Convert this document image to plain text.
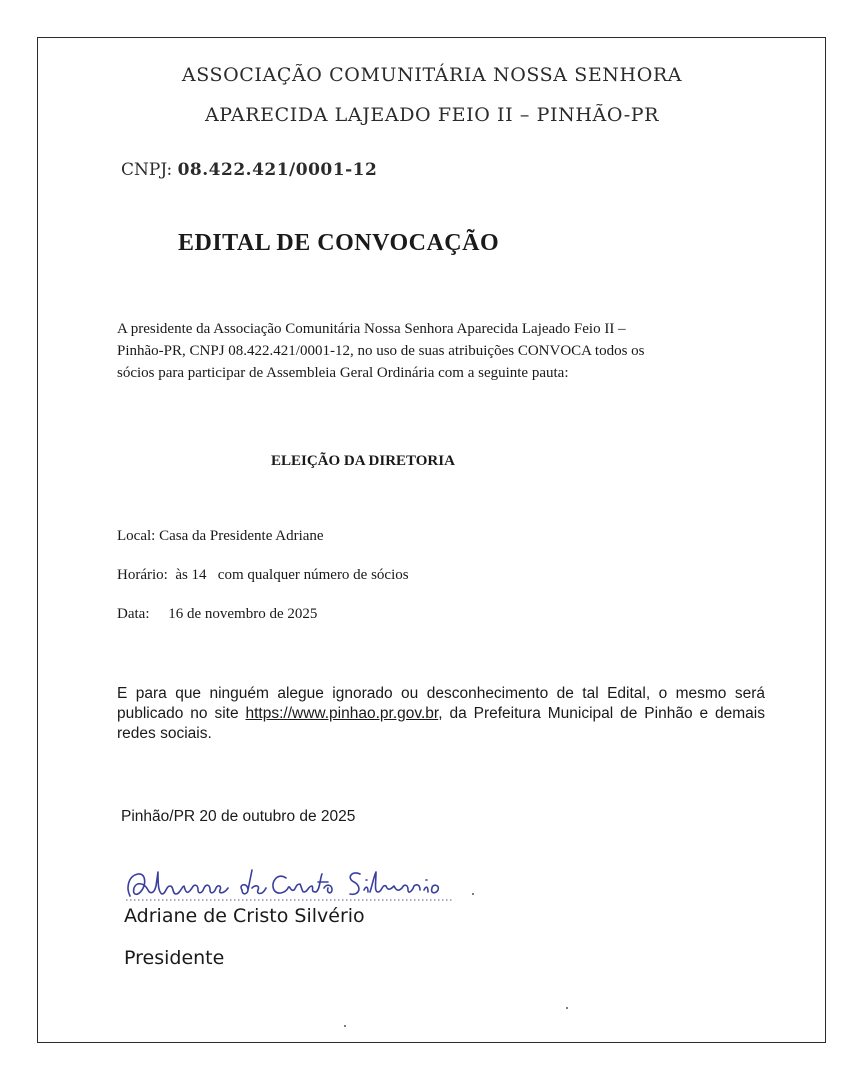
ASSOCIAÇÃO COMUNITÁRIA NOSSA SENHORA
APARECIDA LAJEADO FEIO II – PINHÃO-PR
CNPJ: 08.422.421/0001-12
EDITAL DE CONVOCAÇÃO
A presidente da Associação Comunitária Nossa Senhora Aparecida Lajeado Feio II –
Pinhão-PR, CNPJ 08.422.421/0001-12, no uso de suas atribuições CONVOCA todos os
sócios para participar de Assembleia Geral Ordinária com a seguinte pauta:
ELEIÇÃO DA DIRETORIA
Local: Casa da Presidente Adriane
Horário:  às 14   com qualquer número de sócios
Data:     16 de novembro de 2025
E para que ninguém alegue ignorado ou desconhecimento de tal Edital, o mesmo será publicado no site https://www.pinhao.pr.gov.br, da Prefeitura Municipal de Pinhão e demais redes sociais.
Pinhão/PR 20 de outubro de 2025
Adriane de Cristo Silvério
Presidente
